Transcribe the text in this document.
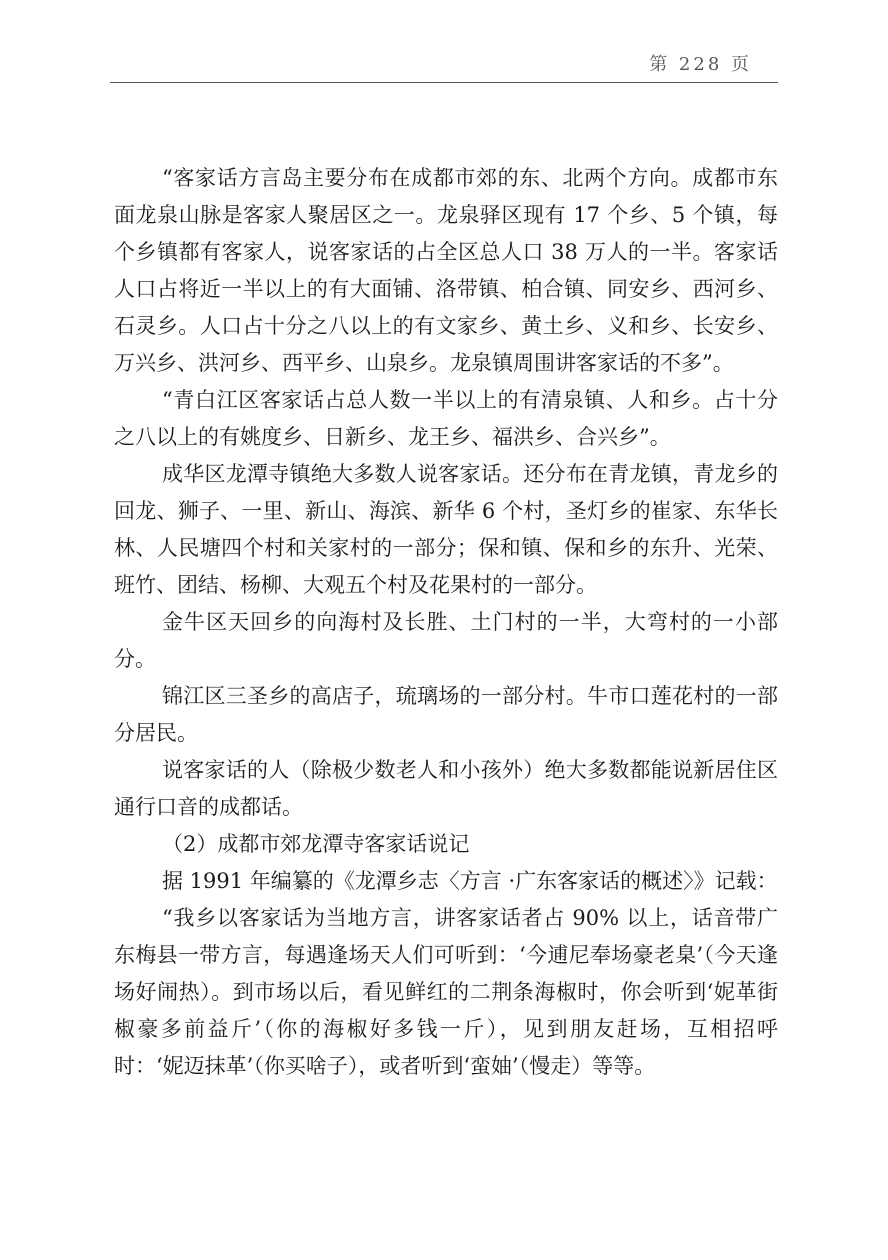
第 228 页

“客家话方言岛主要分布在成都市郊的东、北两个方向。成都市东面龙泉山脉是客家人聚居区之一。龙泉驿区现有 17 个乡、5 个镇，每个乡镇都有客家人，说客家话的占全区总人口 38 万人的一半。客家话人口占将近一半以上的有大面铺、洛带镇、柏合镇、同安乡、西河乡、石灵乡。人口占十分之八以上的有文家乡、黄土乡、义和乡、长安乡、万兴乡、洪河乡、西平乡、山泉乡。龙泉镇周围讲客家话的不多”。

“青白江区客家话占总人数一半以上的有清泉镇、人和乡。占十分之八以上的有姚度乡、日新乡、龙王乡、福洪乡、合兴乡”。

成华区龙潭寺镇绝大多数人说客家话。还分布在青龙镇，青龙乡的回龙、狮子、一里、新山、海滨、新华 6 个村，圣灯乡的崔家、东华长林、人民塘四个村和关家村的一部分；保和镇、保和乡的东升、光荣、班竹、团结、杨柳、大观五个村及花果村的一部分。

金牛区天回乡的向海村及长胜、土门村的一半，大弯村的一小部分。

锦江区三圣乡的高店子，琉璃场的一部分村。牛市口莲花村的一部分居民。

说客家话的人（除极少数老人和小孩外）绝大多数都能说新居住区通行口音的成都话。

（2）成都市郊龙潭寺客家话说记

据 1991 年编纂的《龙潭乡志〈方言 ·广东客家话的概述〉》记载：

“我乡以客家话为当地方言，讲客家话者占 90% 以上，话音带广东梅县一带方言，每遇逢场天人们可听到：‘今逋尼奉场豪老臬’（今天逢场好闹热）。到市场以后，看见鲜红的二荆条海椒时，你会听到‘妮革街椒豪多前益斤’（你的海椒好多钱一斤），见到朋友赶场，互相招呼时：‘妮迈抹革’（你买啥子），或者听到‘蛮妯’（慢走）等等。
